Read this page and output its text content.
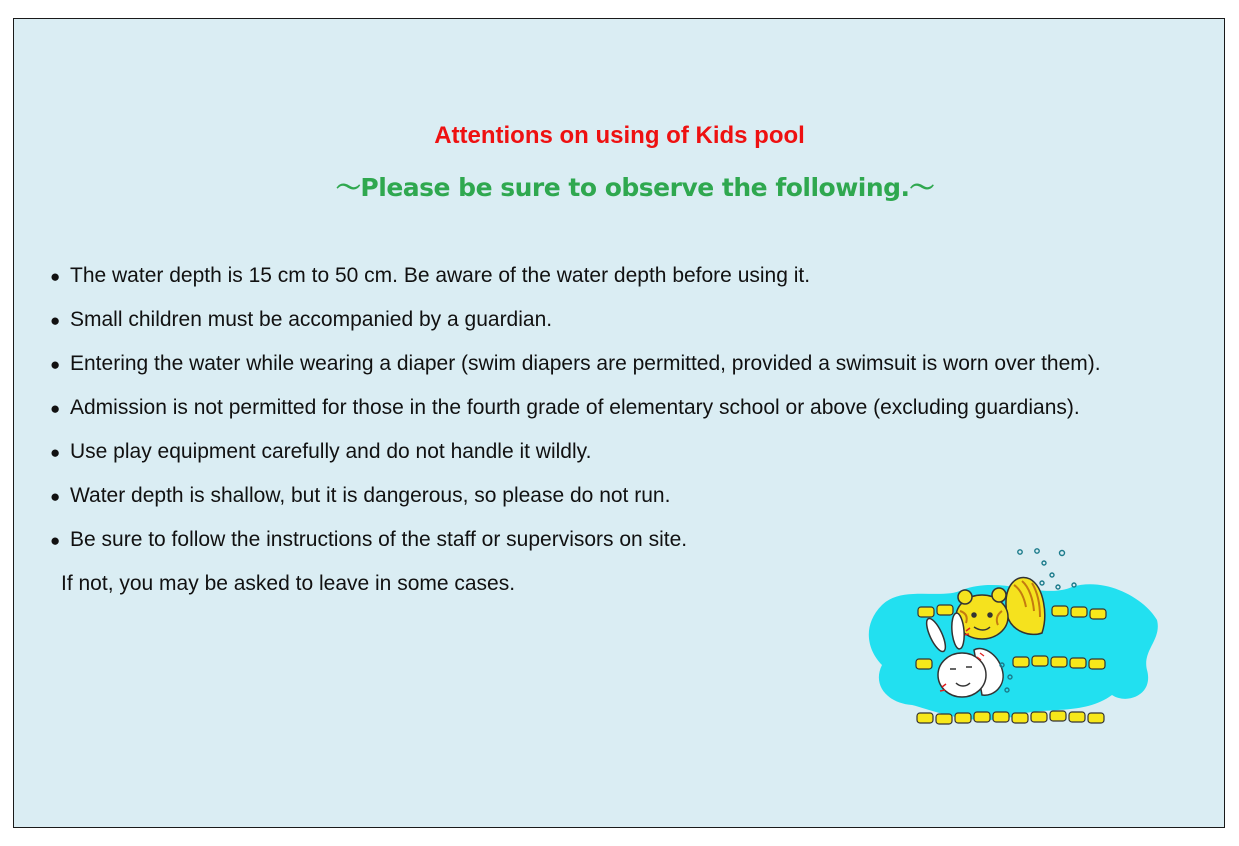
Attentions on using of Kids pool
～Please be sure to observe the following.～
● The water depth is 15 cm to 50 cm. Be aware of the water depth before using it.
● Small children must be accompanied by a guardian.
● Entering the water while wearing a diaper (swim diapers are permitted, provided a swimsuit is worn over them).
● Admission is not permitted for those in the fourth grade of elementary school or above (excluding guardians).
● Use play equipment carefully and do not handle it wildly.
● Water depth is shallow, but it is dangerous, so please do not run.
● Be sure to follow the instructions of the staff or supervisors on site.
If not, you may be asked to leave in some cases.
